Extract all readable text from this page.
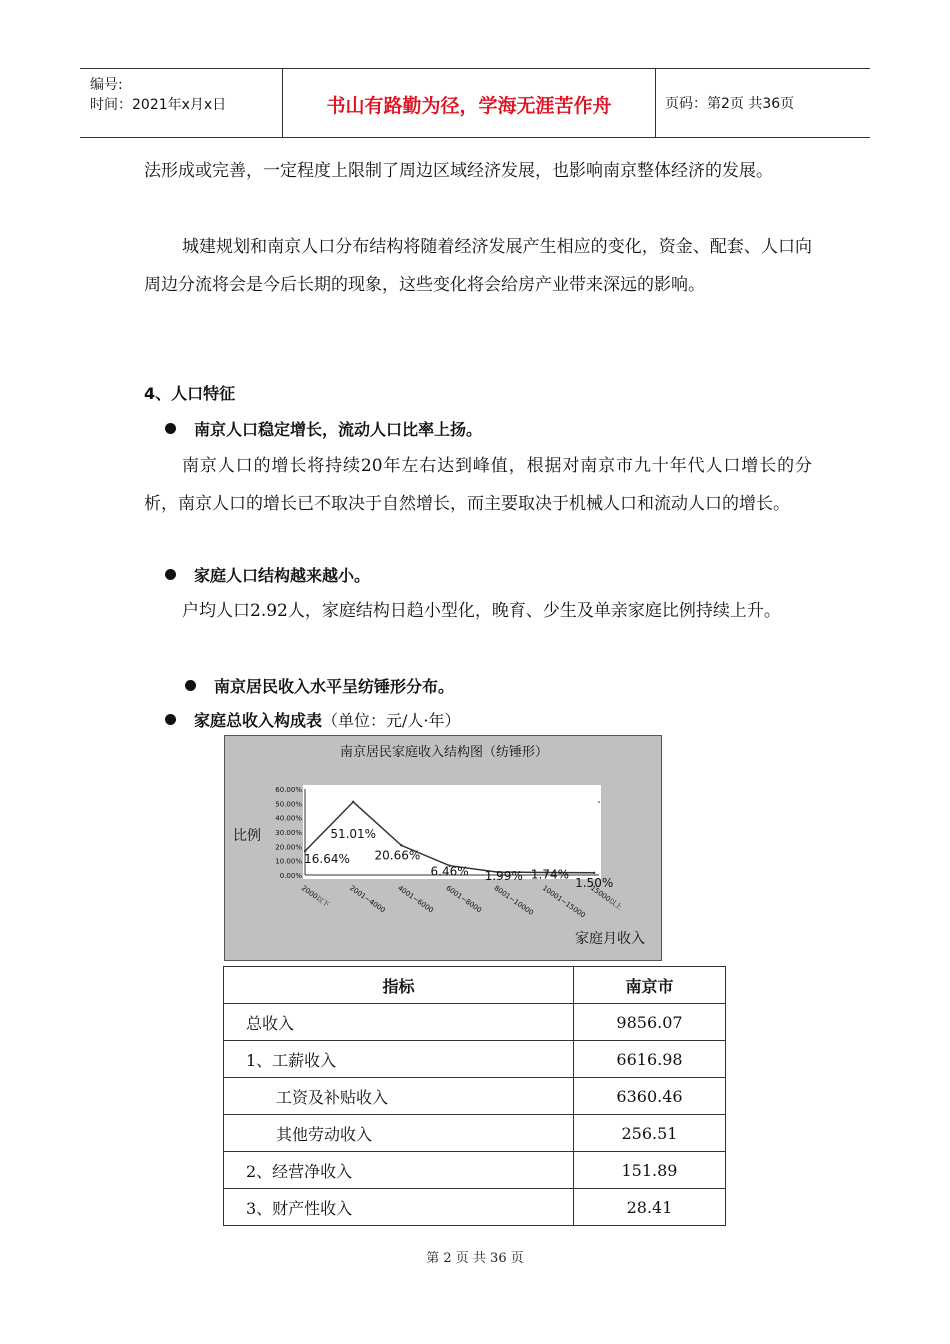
编号:
时间：2021年x月x日	书山有路勤为径，学海无涯苦作舟	页码：第2页 共36页

法形成或完善，一定程度上限制了周边区域经济发展，也影响南京整体经济的发展。

城建规划和南京人口分布结构将随着经济发展产生相应的变化，资金、配套、人口向周边分流将会是今后长期的现象，这些变化将会给房产业带来深远的影响。

4、人口特征
南京人口稳定增长，流动人口比率上扬。

南京人口的增长将持续20年左右达到峰值，根据对南京市九十年代人口增长的分析，南京人口的增长已不取决于自然增长，而主要取决于机械人口和流动人口的增长。

家庭人口结构越来越小。

户均人口2.92人，家庭结构日趋小型化，晚育、少生及单亲家庭比例持续上升。

南京居民收入水平呈纺锤形分布。
家庭总收入构成表 （单位：元/人·年）
南京居民家庭收入结构图（纺锤形）
0.00%
10.00%
20.00%
30.00%
40.00%
50.00%
60.00%
比例
16.64%
51.01%
20.66%
6.46% 1.99% 1.74%
1.50%
2000以下	2001~4000 4001~6000 6001~8000 8001~10000 10001~15000 15000以上
家庭月收入
指标	南京市
总收入	9856.07
1、工薪收入	6616.98
工资及补贴收入	6360.46
其他劳动收入	256.51
2、经营净收入	151.89
3、财产性收入	28.41
第 2 页 共 36 页
